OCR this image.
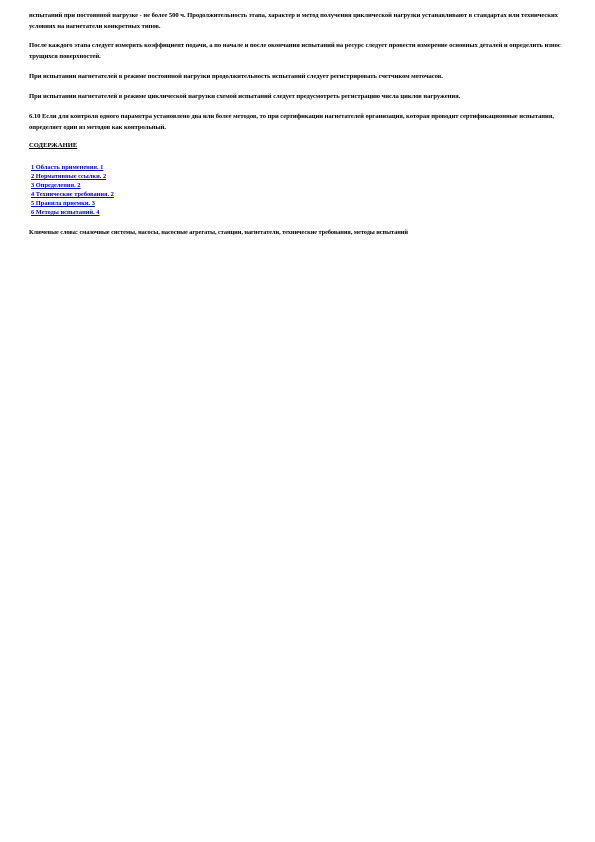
испытаний при постоянной нагрузке - не более 500 ч. Продолжительность этапа, характер и метод получения циклической нагрузки устанавливают в стандартах или технических условиях на нагнетатели конкретных типов.

После каждого этапа следует измерять коэффициент подачи, а по начале и после окончания испытаний на ресурс следует провести измерение основных деталей и определить износ трущихся поверхностей.

При испытании нагнетателей в режиме постоянной нагрузки продолжительность испытаний следует регистрировать счетчиком моточасов.

При испытании нагнетателей в режиме циклической нагрузки схемой испытаний следует предусмотреть регистрацию числа циклов нагружения.

6.10 Если для контроля одного параметра установлено два или более методов, то при сертификации нагнетателей организация, которая проводит сертификационные испытания, определяет один из методов как контрольный.

СОДЕРЖАНИЕ
1 Область применения. 1
2 Нормативные ссылки. 2
3 Определения. 2
4 Технические требования. 2
5 Правила приемки. 3
6 Методы испытаний. 4

Ключевые слова: смазочные системы, насосы, насосные агрегаты, станции, нагнетатели, технические требования, методы испытаний
